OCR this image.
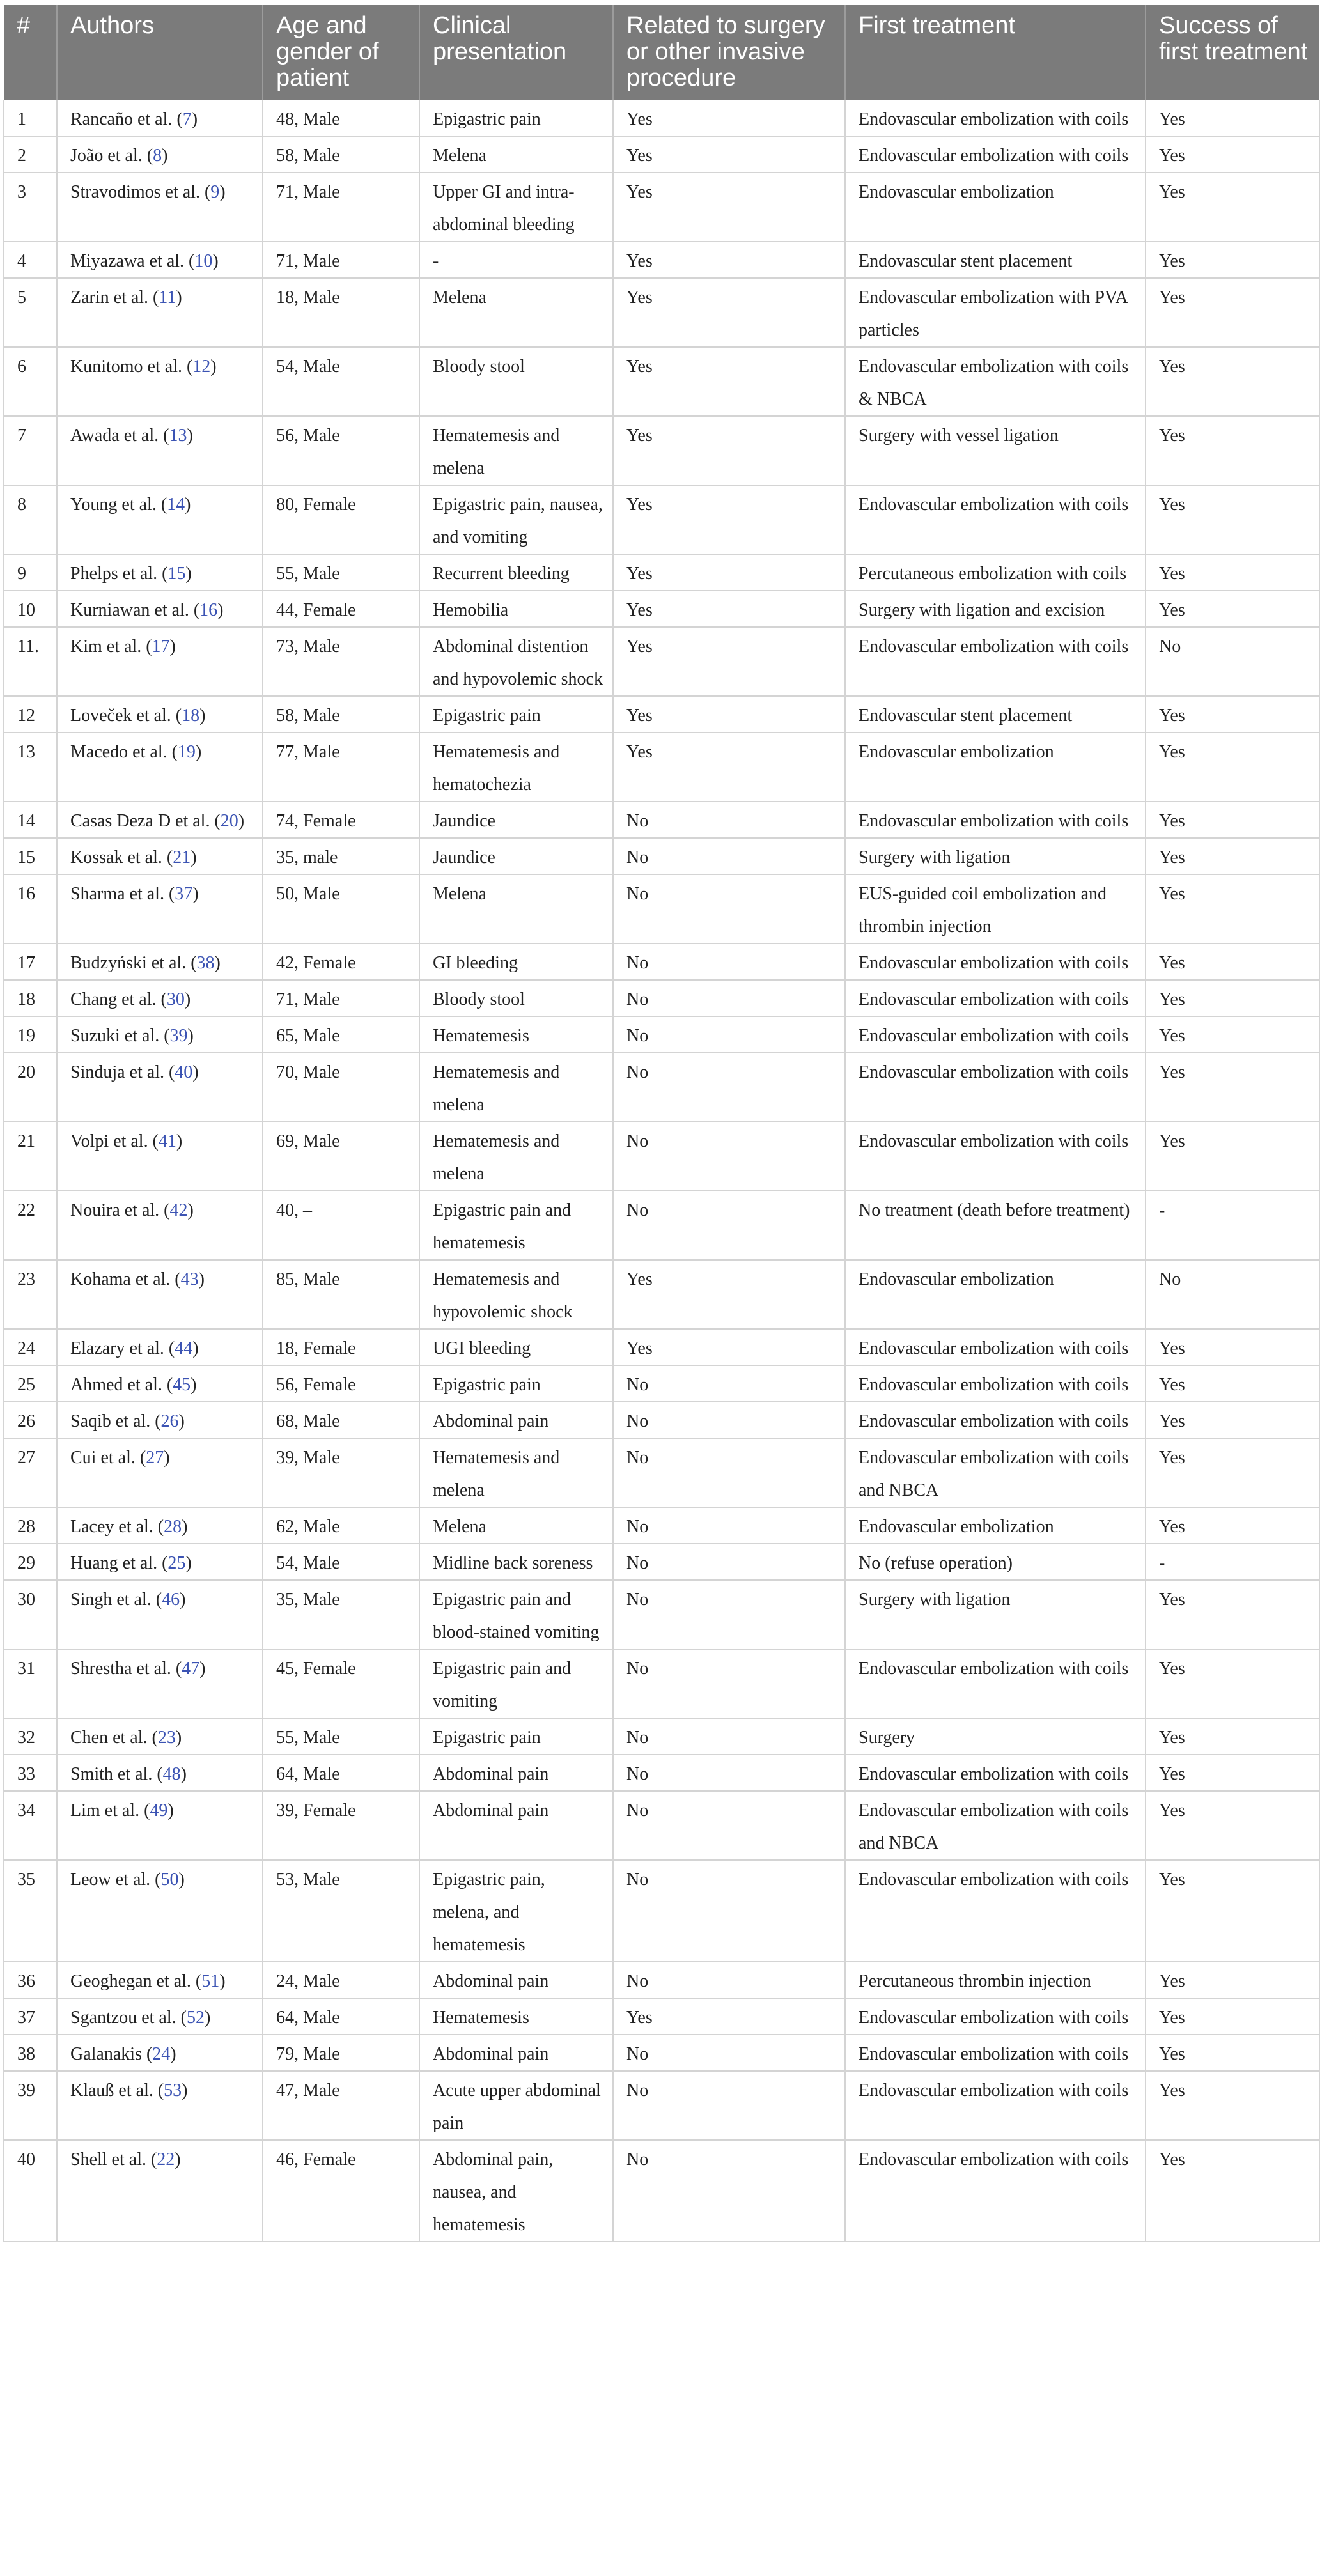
#	Authors	Age and gender of patient	Clinical presentation	Related to surgery or other invasive procedure	First treatment	Success of first treatment
1	Rancaño et al. (7)	48, Male	Epigastric pain	Yes	Endovascular embolization with coils	Yes
2	João et al. (8)	58, Male	Melena	Yes	Endovascular embolization with coils	Yes
3	Stravodimos et al. (9)	71, Male	Upper GI and intra-abdominal bleeding	Yes	Endovascular embolization	Yes
4	Miyazawa et al. (10)	71, Male	-	Yes	Endovascular stent placement	Yes
5	Zarin et al. (11)	18, Male	Melena	Yes	Endovascular embolization with PVA particles	Yes
6	Kunitomo et al. (12)	54, Male	Bloody stool	Yes	Endovascular embolization with coils & NBCA	Yes
7	Awada et al. (13)	56, Male	Hematemesis and melena	Yes	Surgery with vessel ligation	Yes
8	Young et al. (14)	80, Female	Epigastric pain, nausea, and vomiting	Yes	Endovascular embolization with coils	Yes
9	Phelps et al. (15)	55, Male	Recurrent bleeding	Yes	Percutaneous embolization with coils	Yes
10	Kurniawan et al. (16)	44, Female	Hemobilia	Yes	Surgery with ligation and excision	Yes
11.	Kim et al. (17)	73, Male	Abdominal distention and hypovolemic shock	Yes	Endovascular embolization with coils	No
12	Loveček et al. (18)	58, Male	Epigastric pain	Yes	Endovascular stent placement	Yes
13	Macedo et al. (19)	77, Male	Hematemesis and hematochezia	Yes	Endovascular embolization	Yes
14	Casas Deza D et al. (20)	74, Female	Jaundice	No	Endovascular embolization with coils	Yes
15	Kossak et al. (21)	35, male	Jaundice	No	Surgery with ligation	Yes
16	Sharma et al. (37)	50, Male	Melena	No	EUS-guided coil embolization and thrombin injection	Yes
17	Budzyński et al. (38)	42, Female	GI bleeding	No	Endovascular embolization with coils	Yes
18	Chang et al. (30)	71, Male	Bloody stool	No	Endovascular embolization with coils	Yes
19	Suzuki et al. (39)	65, Male	Hematemesis	No	Endovascular embolization with coils	Yes
20	Sinduja et al. (40)	70, Male	Hematemesis and melena	No	Endovascular embolization with coils	Yes
21	Volpi et al. (41)	69, Male	Hematemesis and melena	No	Endovascular embolization with coils	Yes
22	Nouira et al. (42)	40, –	Epigastric pain and hematemesis	No	No treatment (death before treatment)	-
23	Kohama et al. (43)	85, Male	Hematemesis and hypovolemic shock	Yes	Endovascular embolization	No
24	Elazary et al. (44)	18, Female	UGI bleeding	Yes	Endovascular embolization with coils	Yes
25	Ahmed et al. (45)	56, Female	Epigastric pain	No	Endovascular embolization with coils	Yes
26	Saqib et al. (26)	68, Male	Abdominal pain	No	Endovascular embolization with coils	Yes
27	Cui et al. (27)	39, Male	Hematemesis and melena	No	Endovascular embolization with coils and NBCA	Yes
28	Lacey et al. (28)	62, Male	Melena	No	Endovascular embolization	Yes
29	Huang et al. (25)	54, Male	Midline back soreness	No	No (refuse operation)	-
30	Singh et al. (46)	35, Male	Epigastric pain and blood-stained vomiting	No	Surgery with ligation	Yes
31	Shrestha et al. (47)	45, Female	Epigastric pain and vomiting	No	Endovascular embolization with coils	Yes
32	Chen et al. (23)	55, Male	Epigastric pain	No	Surgery	Yes
33	Smith et al. (48)	64, Male	Abdominal pain	No	Endovascular embolization with coils	Yes
34	Lim et al. (49)	39, Female	Abdominal pain	No	Endovascular embolization with coils and NBCA	Yes
35	Leow et al. (50)	53, Male	Epigastric pain, melena, and hematemesis	No	Endovascular embolization with coils	Yes
36	Geoghegan et al. (51)	24, Male	Abdominal pain	No	Percutaneous thrombin injection	Yes
37	Sgantzou et al. (52)	64, Male	Hematemesis	Yes	Endovascular embolization with coils	Yes
38	Galanakis (24)	79, Male	Abdominal pain	No	Endovascular embolization with coils	Yes
39	Klauß et al. (53)	47, Male	Acute upper abdominal pain	No	Endovascular embolization with coils	Yes
40	Shell et al. (22)	46, Female	Abdominal pain, nausea, and hematemesis	No	Endovascular embolization with coils	Yes
